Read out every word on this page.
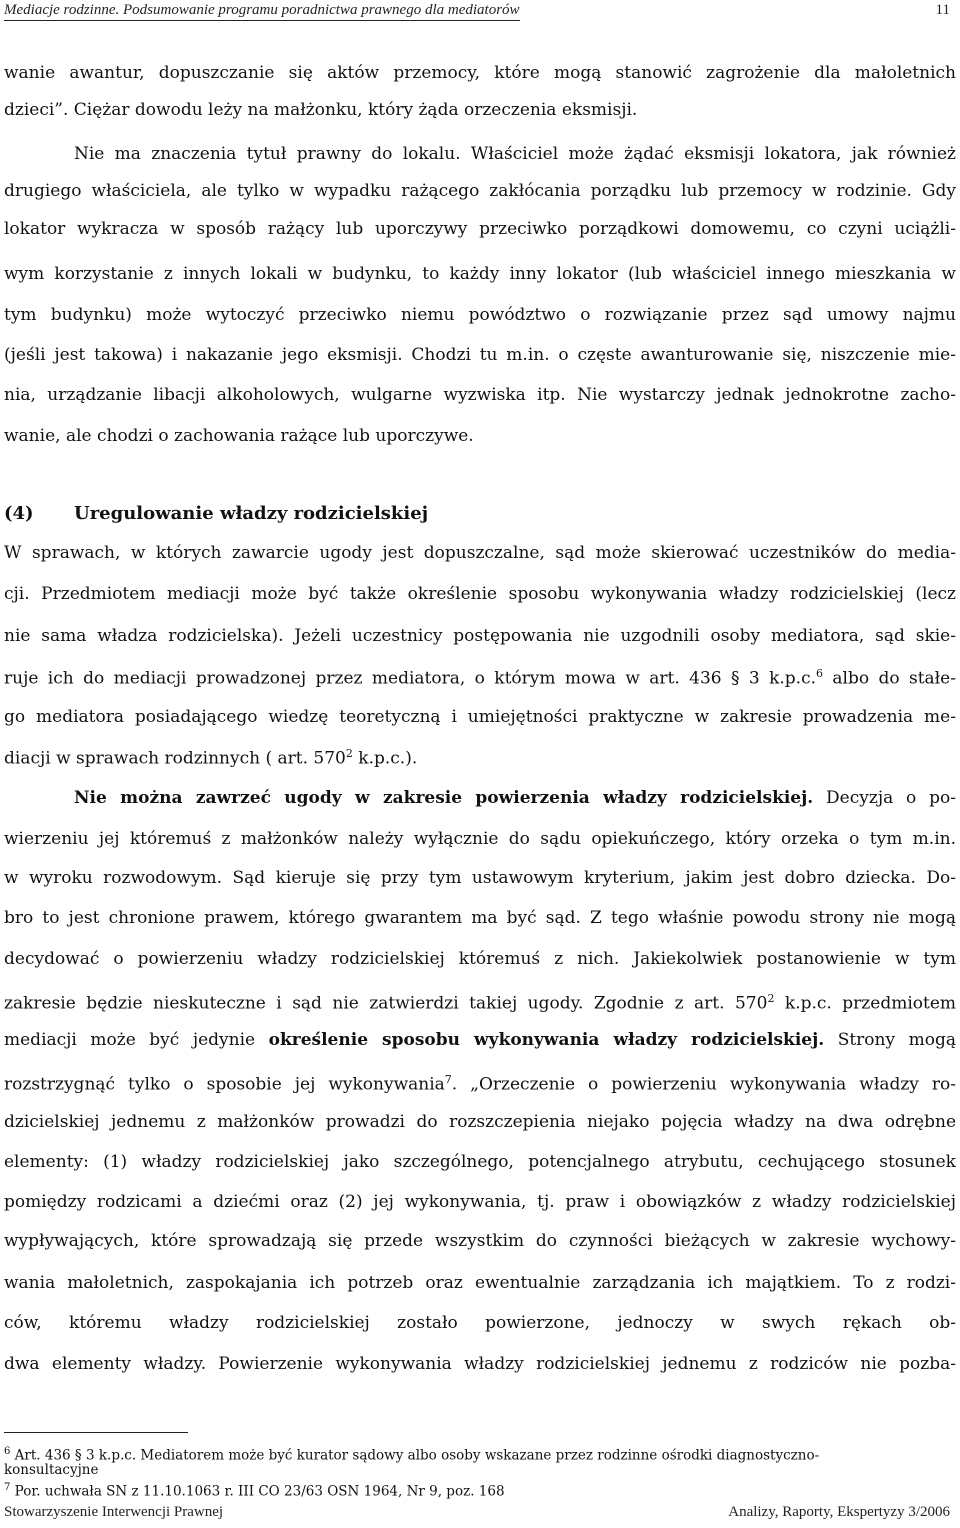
Mediacje rodzinne. Podsumowanie programu poradnictwa prawnego dla mediatorów	11
wanie awantur, dopuszczanie się aktów przemocy, które mogą stanowić zagrożenie dla małoletnich
dzieci”. Ciężar dowodu leży na małżonku, który żąda orzeczenia eksmisji.
Nie ma znaczenia tytuł prawny do lokalu. Właściciel może żądać eksmisji lokatora, jak również
drugiego właściciela, ale tylko w wypadku rażącego zakłócania porządku lub przemocy w rodzinie. Gdy
lokator wykracza w sposób rażący lub uporczywy przeciwko porządkowi domowemu, co czyni uciążli-
wym korzystanie z innych lokali w budynku, to każdy inny lokator (lub właściciel innego mieszkania w
tym budynku) może wytoczyć przeciwko niemu powództwo o rozwiązanie przez sąd umowy najmu
(jeśli jest takowa) i nakazanie jego eksmisji. Chodzi tu m.in. o częste awanturowanie się, niszczenie mie-
nia, urządzanie libacji alkoholowych, wulgarne wyzwiska itp. Nie wystarczy jednak jednokrotne zacho-
wanie, ale chodzi o zachowania rażące lub uporczywe.
(4) Uregulowanie władzy rodzicielskiej
W sprawach, w których zawarcie ugody jest dopuszczalne, sąd może skierować uczestników do media-
cji. Przedmiotem mediacji może być także określenie sposobu wykonywania władzy rodzicielskiej (lecz
nie sama władza rodzicielska). Jeżeli uczestnicy postępowania nie uzgodnili osoby mediatora, sąd skie-
ruje ich do mediacji prowadzonej przez mediatora, o którym mowa w art. 436 § 3 k.p.c.$^6$ albo do stałe-
go mediatora posiadającego wiedzę teoretyczną i umiejętności praktyczne w zakresie prowadzenia me-
diacji w sprawach rodzinnych ( art. $570^2$ k.p.c.).
Nie można zawrzeć ugody w zakresie powierzenia władzy rodzicielskiej. Decyzja o po-
wierzeniu jej któremuś z małżonków należy wyłącznie do sądu opiekuńczego, który orzeka o tym m.in.
w wyroku rozwodowym. Sąd kieruje się przy tym ustawowym kryterium, jakim jest dobro dziecka. Do-
bro to jest chronione prawem, którego gwarantem ma być sąd. Z tego właśnie powodu strony nie mogą
decydować o powierzeniu władzy rodzicielskiej któremuś z nich. Jakiekolwiek postanowienie w tym
zakresie będzie nieskuteczne i sąd nie zatwierdzi takiej ugody. Zgodnie z art. $570^2$ k.p.c. przedmiotem
mediacji może być jedynie określenie sposobu wykonywania władzy rodzicielskiej. Strony mogą
rozstrzygnąć tylko o sposobie jej wykonywania$^7$. „Orzeczenie o powierzeniu wykonywania władzy ro-
dzicielskiej jednemu z małżonków prowadzi do rozszczepienia niejako pojęcia władzy na dwa odrębne
elementy: (1) władzy rodzicielskiej jako szczególnego, potencjalnego atrybutu, cechującego stosunek
pomiędzy rodzicami a dziećmi oraz (2) jej wykonywania, tj. praw i obowiązków z władzy rodzicielskiej
wypływających, które sprowadzają się przede wszystkim do czynności bieżących w zakresie wychowy-
wania małoletnich, zaspokajania ich potrzeb oraz ewentualnie zarządzania ich majątkiem. To z rodzi-
ców, któremu władzy rodzicielskiej zostało powierzone, jednoczy w swych rękach ob-
dwa elementy władzy. Powierzenie wykonywania władzy rodzicielskiej jednemu z rodziców nie pozba-
$^6$ Art. 436 § 3 k.p.c. Mediatorem może być kurator sądowy albo osoby wskazane przez rodzinne ośrodki diagnostyczno-
konsultacyjne
$^7$ Por. uchwała SN z 11.10.1063 r. III CO 23/63 OSN 1964, Nr 9, poz. 168
Stowarzyszenie Interwencji Prawnej	Analizy, Raporty, Ekspertyzy 3/2006
